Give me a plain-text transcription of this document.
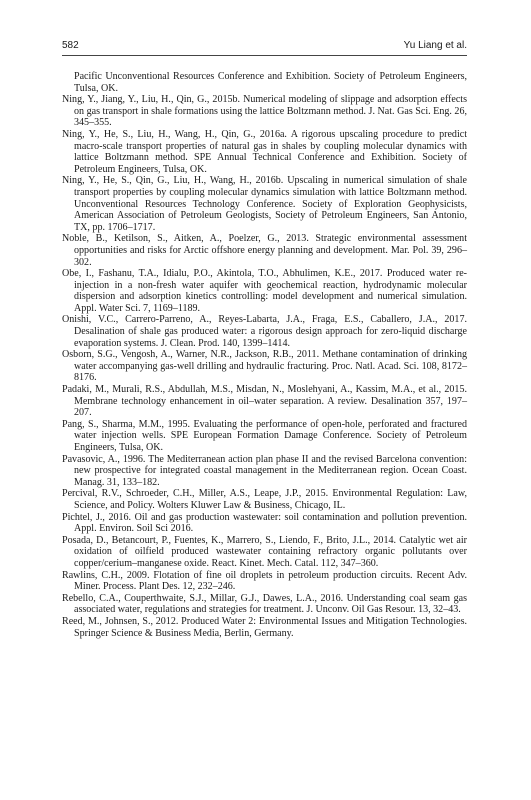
582	Yu Liang et al.

Pacific Unconventional Resources Conference and Exhibition. Society of Petroleum Engineers, Tulsa, OK.

Ning, Y., Jiang, Y., Liu, H., Qin, G., 2015b. Numerical modeling of slippage and adsorption effects on gas transport in shale formations using the lattice Boltzmann method. J. Nat. Gas Sci. Eng. 26, 345–355.

Ning, Y., He, S., Liu, H., Wang, H., Qin, G., 2016a. A rigorous upscaling procedure to predict macro-scale transport properties of natural gas in shales by coupling molecular dynamics with lattice Boltzmann method. SPE Annual Technical Conference and Exhibition. Society of Petroleum Engineers, Tulsa, OK.

Ning, Y., He, S., Qin, G., Liu, H., Wang, H., 2016b. Upscaling in numerical simulation of shale transport properties by coupling molecular dynamics simulation with lattice Boltzmann method. Unconventional Resources Technology Conference. Society of Exploration Geophysicists, American Association of Petroleum Geologists, Society of Petroleum Engineers, San Antonio, TX, pp. 1706–1717.

Noble, B., Ketilson, S., Aitken, A., Poelzer, G., 2013. Strategic environmental assessment opportunities and risks for Arctic offshore energy planning and development. Mar. Pol. 39, 296–302.

Obe, I., Fashanu, T.A., Idialu, P.O., Akintola, T.O., Abhulimen, K.E., 2017. Produced water re-injection in a non-fresh water aquifer with geochemical reaction, hydrodynamic molecular dispersion and adsorption kinetics controlling: model development and numerical simulation. Appl. Water Sci. 7, 1169–1189.

Onishi, V.C., Carrero-Parreno, A., Reyes-Labarta, J.A., Fraga, E.S., Caballero, J.A., 2017. Desalination of shale gas produced water: a rigorous design approach for zero-liquid discharge evaporation systems. J. Clean. Prod. 140, 1399–1414.

Osborn, S.G., Vengosh, A., Warner, N.R., Jackson, R.B., 2011. Methane contamination of drinking water accompanying gas-well drilling and hydraulic fracturing. Proc. Natl. Acad. Sci. 108, 8172–8176.

Padaki, M., Murali, R.S., Abdullah, M.S., Misdan, N., Moslehyani, A., Kassim, M.A., et al., 2015. Membrane technology enhancement in oil–water separation. A review. Desalination 357, 197–207.

Pang, S., Sharma, M.M., 1995. Evaluating the performance of open-hole, perforated and fractured water injection wells. SPE European Formation Damage Conference. Society of Petroleum Engineers, Tulsa, OK.

Pavasovic, A., 1996. The Mediterranean action plan phase II and the revised Barcelona convention: new prospective for integrated coastal management in the Mediterranean region. Ocean Coast. Manag. 31, 133–182.

Percival, R.V., Schroeder, C.H., Miller, A.S., Leape, J.P., 2015. Environmental Regulation: Law, Science, and Policy. Wolters Kluwer Law & Business, Chicago, IL.

Pichtel, J., 2016. Oil and gas production wastewater: soil contamination and pollution prevention. Appl. Environ. Soil Sci 2016.

Posada, D., Betancourt, P., Fuentes, K., Marrero, S., Liendo, F., Brito, J.L., 2014. Catalytic wet air oxidation of oilfield produced wastewater containing refractory organic pollutants over copper/cerium–manganese oxide. React. Kinet. Mech. Catal. 112, 347–360.

Rawlins, C.H., 2009. Flotation of fine oil droplets in petroleum production circuits. Recent Adv. Miner. Process. Plant Des. 12, 232–246.

Rebello, C.A., Couperthwaite, S.J., Millar, G.J., Dawes, L.A., 2016. Understanding coal seam gas associated water, regulations and strategies for treatment. J. Unconv. Oil Gas Resour. 13, 32–43.

Reed, M., Johnsen, S., 2012. Produced Water 2: Environmental Issues and Mitigation Technologies. Springer Science & Business Media, Berlin, Germany.
